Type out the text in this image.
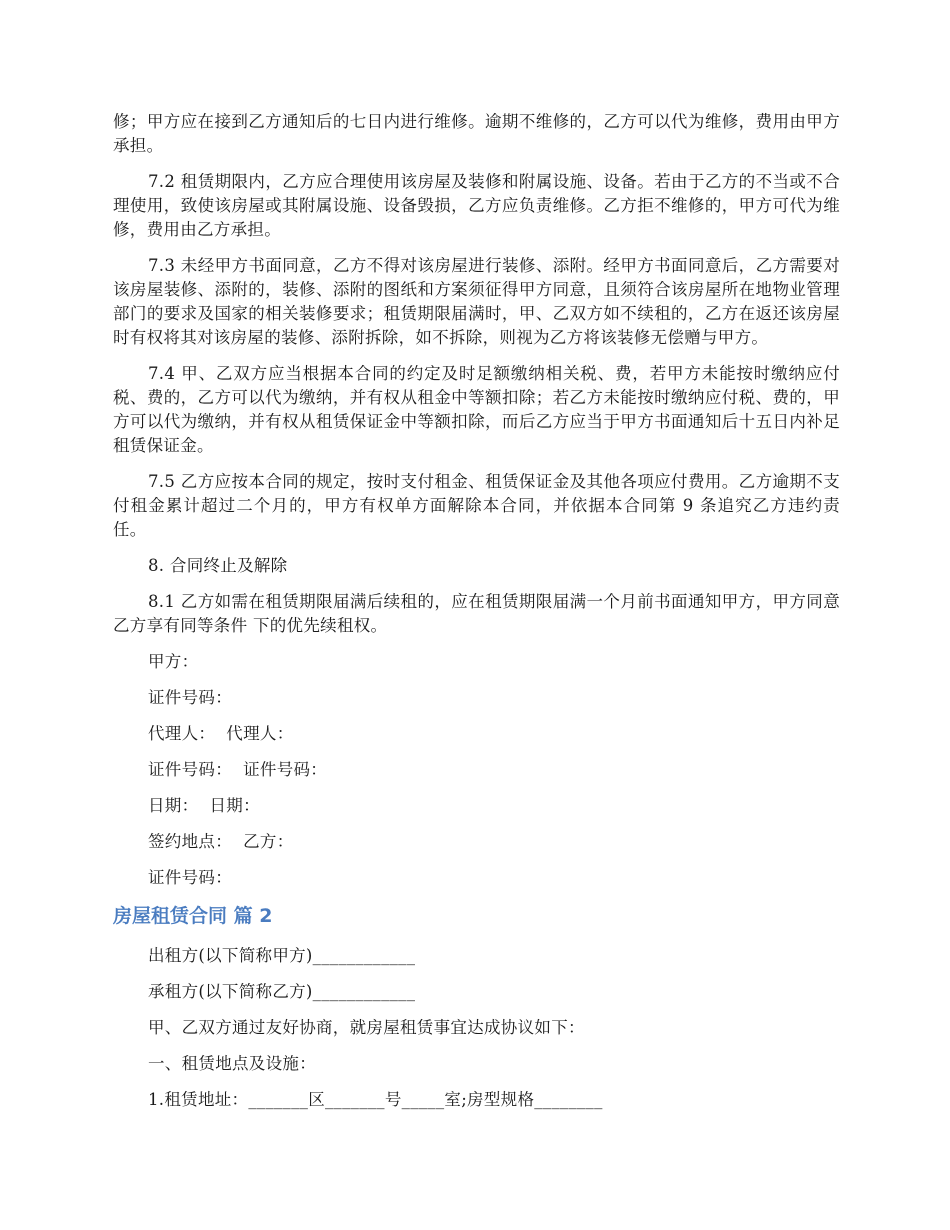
修；甲方应在接到乙方通知后的七日内进行维修。逾期不维修的，乙方可以代为维修，费用由甲方承担。

7.2 租赁期限内，乙方应合理使用该房屋及装修和附属设施、设备。若由于乙方的不当或不合理使用，致使该房屋或其附属设施、设备毁损，乙方应负责维修。乙方拒不维修的，甲方可代为维修，费用由乙方承担。

7.3 未经甲方书面同意，乙方不得对该房屋进行装修、添附。经甲方书面同意后，乙方需要对该房屋装修、添附的，装修、添附的图纸和方案须征得甲方同意，且须符合该房屋所在地物业管理部门的要求及国家的相关装修要求；租赁期限届满时，甲、乙双方如不续租的，乙方在返还该房屋时有权将其对该房屋的装修、添附拆除，如不拆除，则视为乙方将该装修无偿赠与甲方。

7.4 甲、乙双方应当根据本合同的约定及时足额缴纳相关税、费，若甲方未能按时缴纳应付税、费的，乙方可以代为缴纳，并有权从租金中等额扣除；若乙方未能按时缴纳应付税、费的，甲方可以代为缴纳，并有权从租赁保证金中等额扣除，而后乙方应当于甲方书面通知后十五日内补足租赁保证金。

7.5 乙方应按本合同的规定，按时支付租金、租赁保证金及其他各项应付费用。乙方逾期不支付租金累计超过二个月的，甲方有权单方面解除本合同，并依据本合同第 9 条追究乙方违约责任。

8. 合同终止及解除

8.1 乙方如需在租赁期限届满后续租的，应在租赁期限届满一个月前书面通知甲方，甲方同意乙方享有同等条件 下的优先续租权。

甲方：

证件号码：

代理人：  代理人：

证件号码：  证件号码：

日期：  日期：

签约地点：  乙方：

证件号码：

房屋租赁合同 篇 2

出租方(以下简称甲方)____________

承租方(以下简称乙方)____________

甲、乙双方通过友好协商，就房屋租赁事宜达成协议如下：

一、租赁地点及设施：

1.租赁地址：_______区_______号_____室;房型规格________
